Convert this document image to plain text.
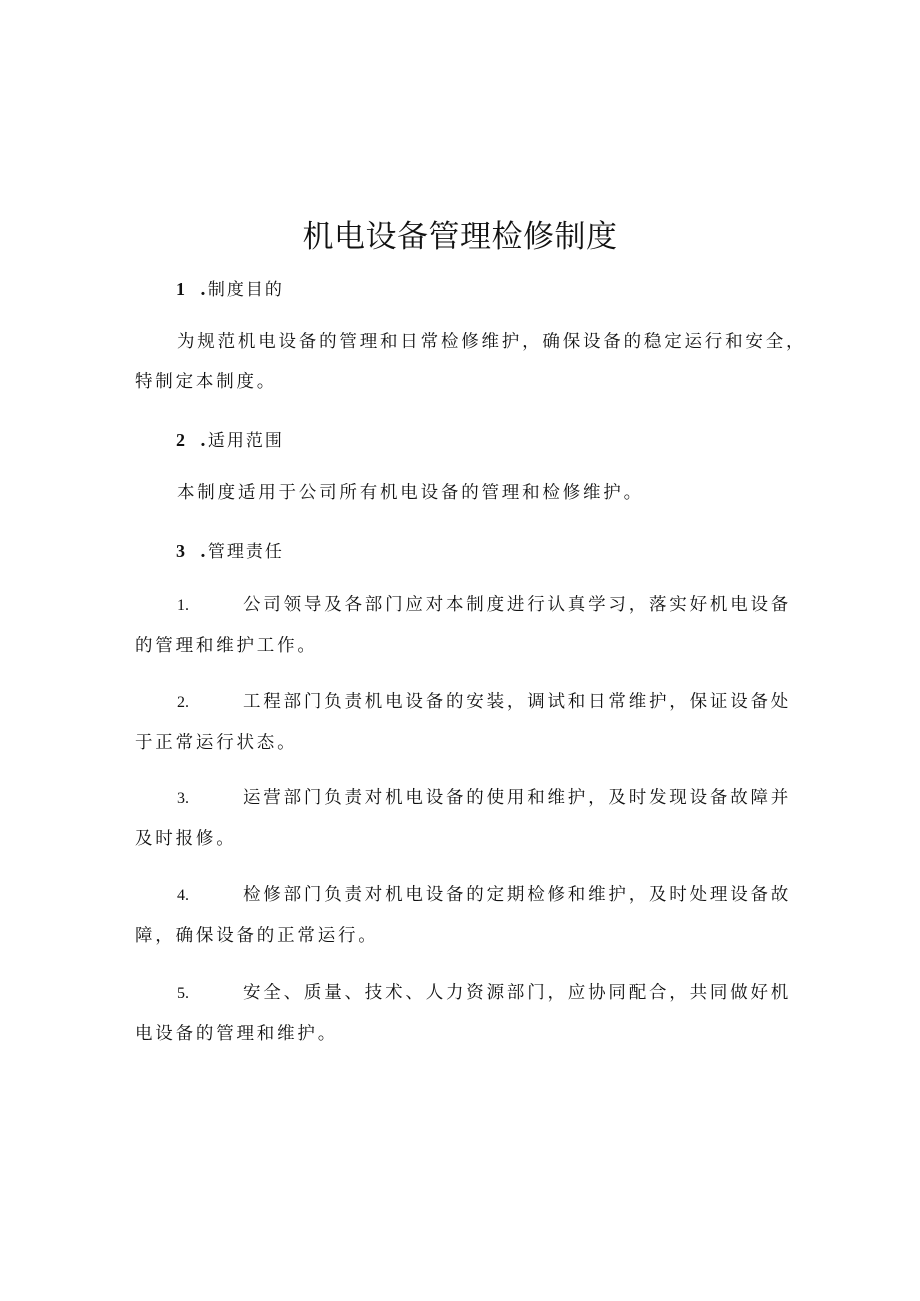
机电设备管理检修制度
1 . 制度目的
为规范机电设备的管理和日常检修维护，确保设备的稳定运行和安全，
特制定本制度。
2 . 适用范围
本制度适用于公司所有机电设备的管理和检修维护。
3 . 管理责任
1.	公司领导及各部门应对本制度进行认真学习，落实好机电设备
的管理和维护工作。
2.	工程部门负责机电设备的安装，调试和日常维护，保证设备处
于正常运行状态。
3.	运营部门负责对机电设备的使用和维护，及时发现设备故障并
及时报修。
4.	检修部门负责对机电设备的定期检修和维护，及时处理设备故
障，确保设备的正常运行。
5.	安全、质量、技术、人力资源部门，应协同配合，共同做好机
电设备的管理和维护。
